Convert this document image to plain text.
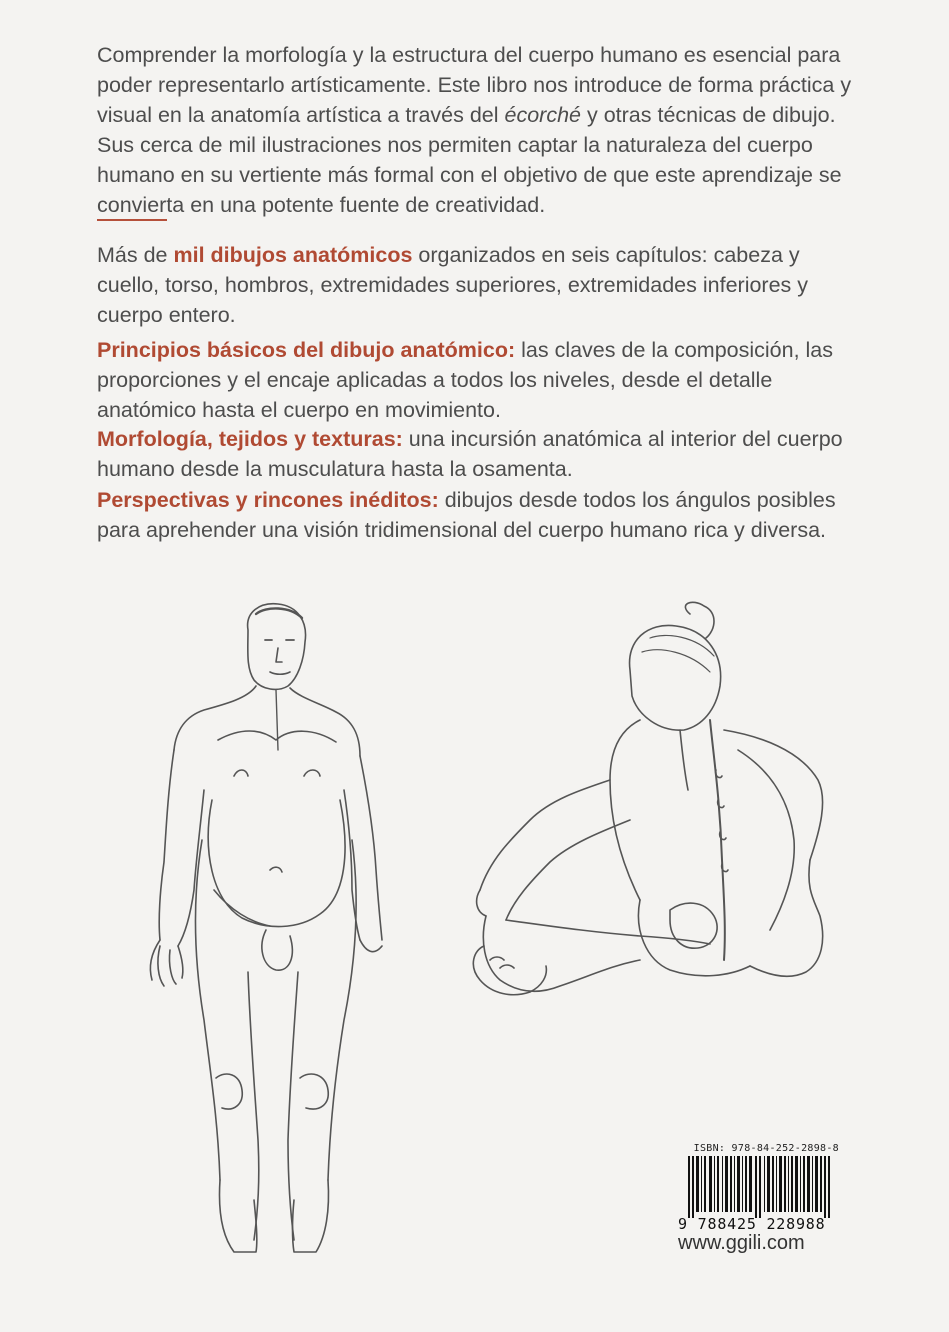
Comprender la morfología y la estructura del cuerpo humano es esencial para poder representarlo artísticamente. Este libro nos introduce de forma práctica y visual en la anatomía artística a través del écorché y otras técnicas de dibujo. Sus cerca de mil ilustraciones nos permiten captar la naturaleza del cuerpo humano en su vertiente más formal con el objetivo de que este aprendizaje se convierta en una potente fuente de creatividad.

Más de mil dibujos anatómicos organizados en seis capítulos: cabeza y cuello, torso, hombros, extremidades superiores, extremidades inferiores y cuerpo entero.

Principios básicos del dibujo anatómico: las claves de la composición, las proporciones y el encaje aplicadas a todos los niveles, desde el detalle anatómico hasta el cuerpo en movimiento.

Morfología, tejidos y texturas: una incursión anatómica al interior del cuerpo humano desde la musculatura hasta la osamenta.

Perspectivas y rincones inéditos: dibujos desde todos los ángulos posibles para aprehender una visión tridimensional del cuerpo humano rica y diversa.

ISBN: 978-84-252-2898-8
9 788425 228988
www.ggili.com
